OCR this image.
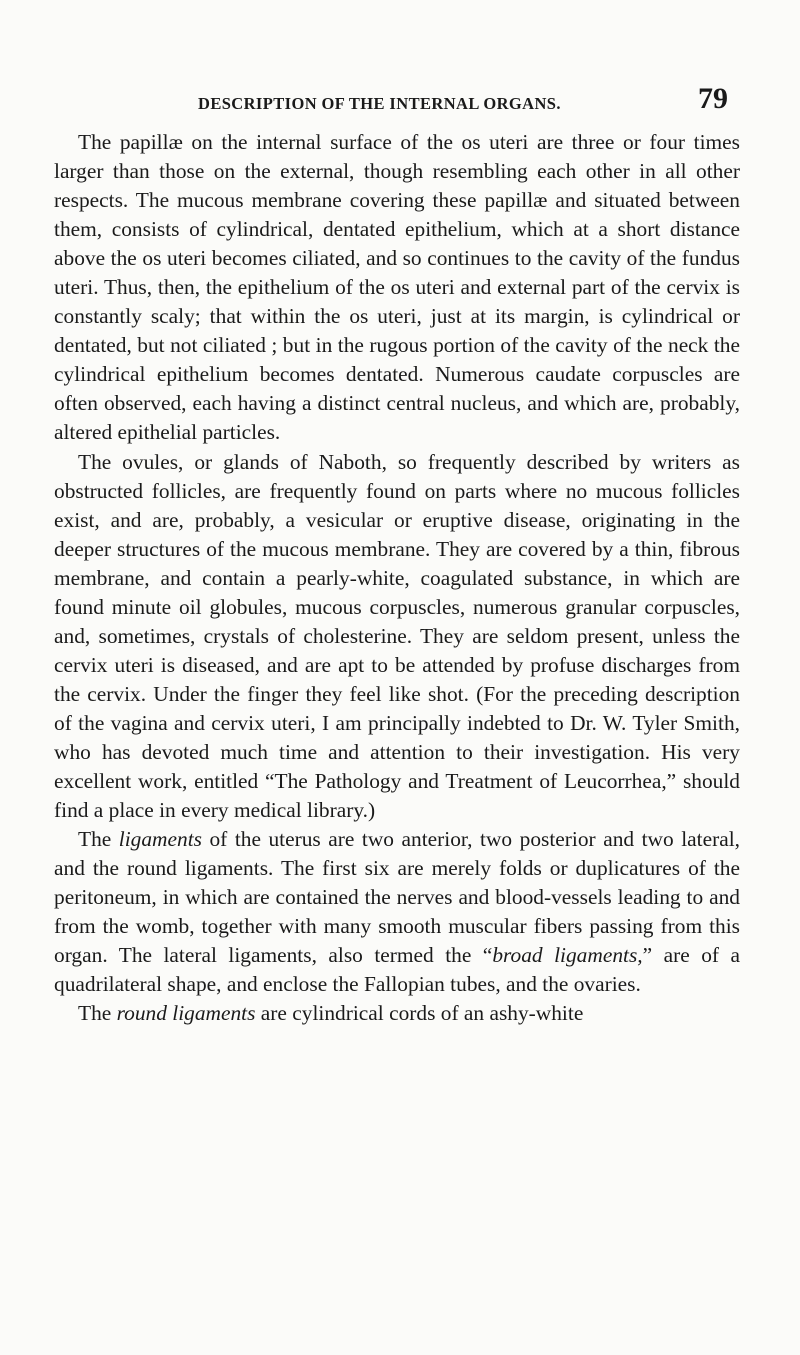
DESCRIPTION OF THE INTERNAL ORGANS.	79

The papillæ on the internal surface of the os uteri are three or four times larger than those on the external, though resembling each other in all other respects. The mucous membrane covering these papillæ and situated between them, consists of cylindrical, dentated epithelium, which at a short distance above the os uteri becomes ciliated, and so continues to the cavity of the fundus uteri. Thus, then, the epithelium of the os uteri and external part of the cervix is constantly scaly; that within the os uteri, just at its margin, is cylindrical or dentated, but not ciliated ; but in the rugous portion of the cavity of the neck the cylindrical epithelium becomes dentated. Numerous caudate corpuscles are often observed, each having a distinct central nucleus, and which are, probably, altered epithelial particles.

The ovules, or glands of Naboth, so frequently described by writers as obstructed follicles, are frequently found on parts where no mucous follicles exist, and are, probably, a vesicular or eruptive disease, originating in the deeper structures of the mucous membrane. They are covered by a thin, fibrous membrane, and contain a pearly-white, coagulated substance, in which are found minute oil globules, mucous corpuscles, numerous granular corpuscles, and, sometimes, crystals of cholesterine. They are seldom present, unless the cervix uteri is diseased, and are apt to be attended by profuse discharges from the cervix. Under the finger they feel like shot. (For the preceding description of the vagina and cervix uteri, I am principally indebted to Dr. W. Tyler Smith, who has devoted much time and attention to their investigation. His very excellent work, entitled “The Pathology and Treatment of Leucorrhea,” should find a place in every medical library.)

The ligaments of the uterus are two anterior, two posterior and two lateral, and the round ligaments. The first six are merely folds or duplicatures of the peritoneum, in which are contained the nerves and blood-vessels leading to and from the womb, together with many smooth muscular fibers passing from this organ. The lateral ligaments, also termed the “broad ligaments,” are of a quadrilateral shape, and enclose the Fallopian tubes, and the ovaries.

The round ligaments are cylindrical cords of an ashy-white
